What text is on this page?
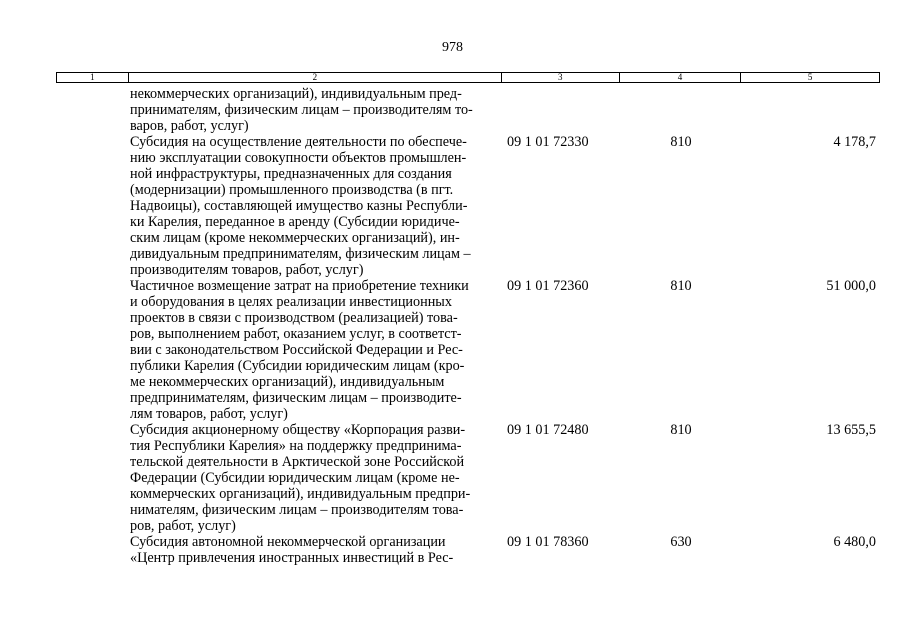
978
1	2	3	4	5
некоммерческих организаций), индивидуальным пред-
принимателям, физическим лицам – производителям то-
варов, работ, услуг)
Субсидия на осуществление деятельности по обеспече-
нию эксплуатации совокупности объектов промышлен-
ной инфраструктуры, предназначенных для создания
(модернизации) промышленного производства (в пгт.
Надвоицы), составляющей имущество казны Республи-
ки Карелия, переданное в аренду (Субсидии юридиче-
ским лицам (кроме некоммерческих организаций), ин-
дивидуальным предпринимателям, физическим лицам –
производителям товаров, работ, услуг)
09 1 01 72330	810	4 178,7
Частичное возмещение затрат на приобретение техники
и оборудования в целях реализации инвестиционных
проектов в связи с производством (реализацией) това-
ров, выполнением работ, оказанием услуг, в соответст-
вии с законодательством Российской Федерации и Рес-
публики Карелия (Субсидии юридическим лицам (кро-
ме некоммерческих организаций), индивидуальным
предпринимателям, физическим лицам – производите-
лям товаров, работ, услуг)
09 1 01 72360	810	51 000,0
Субсидия акционерному обществу «Корпорация разви-
тия Республики Карелия» на поддержку предпринима-
тельской деятельности в Арктической зоне Российской
Федерации (Субсидии юридическим лицам (кроме не-
коммерческих организаций), индивидуальным предпри-
нимателям, физическим лицам – производителям това-
ров, работ, услуг)
09 1 01 72480	810	13 655,5
Субсидия автономной некоммерческой организации
«Центр привлечения иностранных инвестиций в Рес-
09 1 01 78360	630	6 480,0
